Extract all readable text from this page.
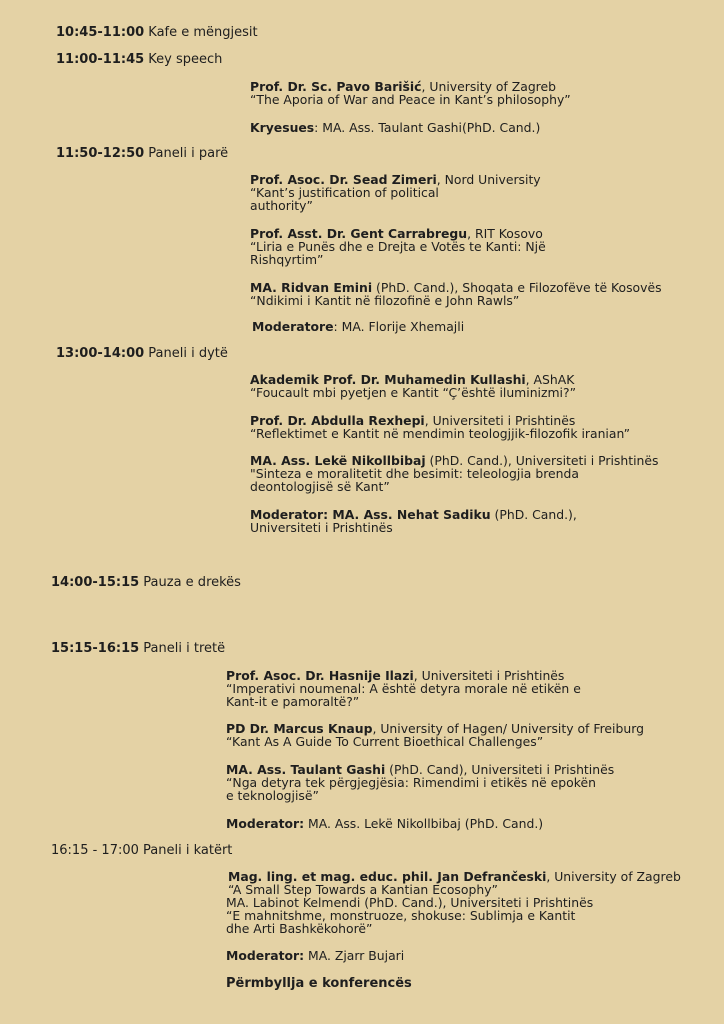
10:45-11:00 Kafe e mëngjesit
11:00-11:45 Key speech
11:50-12:50 Paneli i parë
13:00-14:00 Paneli i dytë
14:00-15:15 Pauza e drekës
15:15-16:15 Paneli i tretë
16:15 - 17:00 Paneli i katërt
Prof. Dr. Sc. Pavo Barišić, University of Zagreb
“The Aporia of War and Peace in Kant’s philosophy”
Kryesues: MA. Ass. Taulant Gashi(PhD. Cand.)
Prof. Asoc. Dr. Sead Zimeri, Nord University
“Kant’s justification of political
authority”
Prof. Asst. Dr. Gent Carrabregu, RIT Kosovo
“Liria e Punës dhe e Drejta e Votës te Kanti: Një
Rishqyrtim”
MA. Ridvan Emini (PhD. Cand.), Shoqata e Filozofëve të Kosovës
“Ndikimi i Kantit në filozofinë e John Rawls”
Moderatore: MA. Florije Xhemajli
Akademik Prof. Dr. Muhamedin Kullashi, AShAK
“Foucault mbi pyetjen e Kantit “Ç’është iluminizmi?”
Prof. Dr. Abdulla Rexhepi, Universiteti i Prishtinës
“Reflektimet e Kantit në mendimin teologjjik-filozofik iranian”
MA. Ass. Lekë Nikollbibaj (PhD. Cand.), Universiteti i Prishtinës
"Sinteza e moralitetit dhe besimit: teleologjia brenda
deontologjisë së Kant”
Moderator: MA. Ass. Nehat Sadiku (PhD. Cand.),
Universiteti i Prishtinës
Prof. Asoc. Dr. Hasnije Ilazi, Universiteti i Prishtinës
“Imperativi noumenal: A është detyra morale në etikën e
Kant-it e pamoraltë?”
PD Dr. Marcus Knaup, University of Hagen/ University of Freiburg
“Kant As A Guide To Current Bioethical Challenges”
MA. Ass. Taulant Gashi (PhD. Cand), Universiteti i Prishtinës
“Nga detyra tek përgjegjësia: Rimendimi i etikës në epokën
e teknologjisë”
Moderator: MA. Ass. Lekë Nikollbibaj (PhD. Cand.)
Mag. ling. et mag. educ. phil. Jan Defrančeski, University of Zagreb
“A Small Step Towards a Kantian Ecosophy”
MA. Labinot Kelmendi (PhD. Cand.), Universiteti i Prishtinës
“E mahnitshme, monstruoze, shokuse: Sublimja e Kantit
dhe Arti Bashkëkohorë”
Moderator: MA. Zjarr Bujari
Përmbyllja e konferencës
